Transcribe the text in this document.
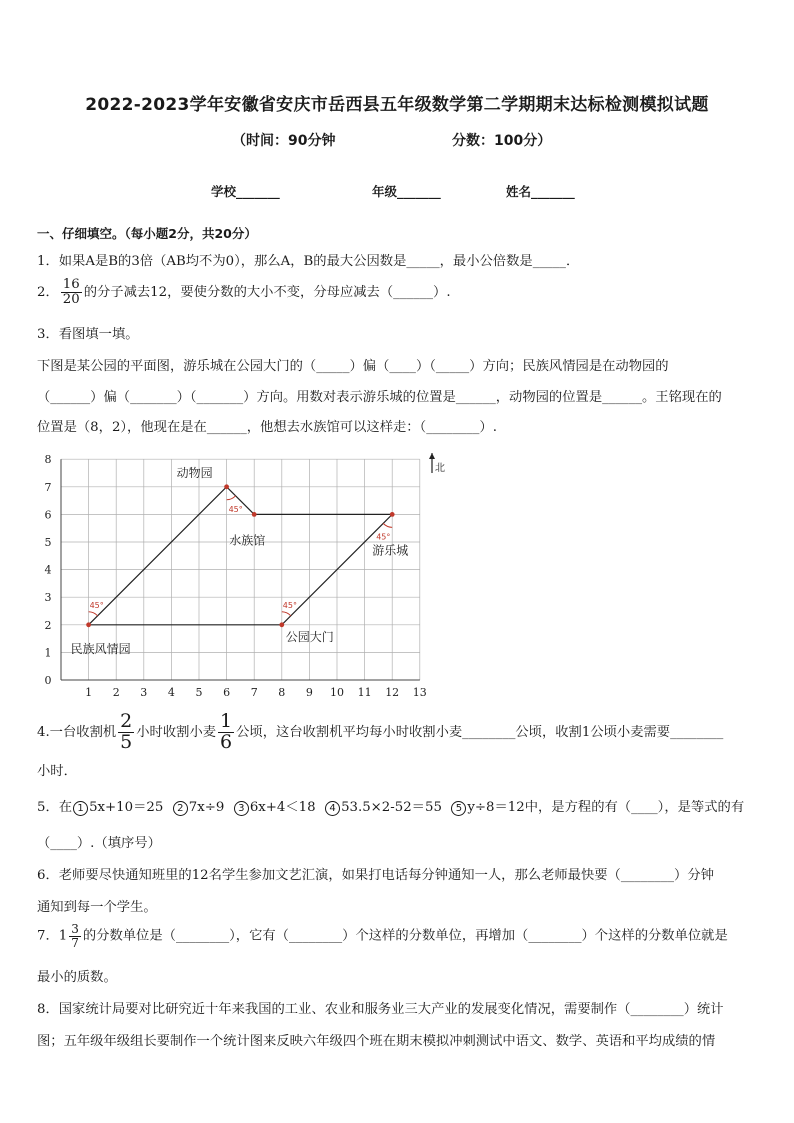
2022-2023学年安徽省安庆市岳西县五年级数学第二学期期末达标检测模拟试题
（时间：90分钟	分数：100分）
学校_______	年级_______	姓名_______
一、仔细填空。（每小题2分，共20分）
1．如果A是B的3倍（AB均不为0），那么A，B的最大公因数是_____，最小公倍数是_____．
2． $\frac{16}{20}$ 的分子减去12，要使分数的大小不变，分母应减去（______）.
3．看图填一填。
下图是某公园的平面图，游乐城在公园大门的（_____）偏（____）（_____）方向；民族风情园是在动物园的
（______）偏（_______）（_______）方向。用数对表示游乐城的位置是______，动物园的位置是______。王铭现在的
位置是（8，2），他现在是在______，他想去水族馆可以这样走：（________）.
1 2 3 4 5 6 7 8 9 10 11 12 13
0
1
2
3
4
5
6
7
8
45°
45°
45°
45°
民族风情园
动物园
水族馆
游乐城
公园大门
北
4.一台收割机 $\frac{2}{5}$ 小时收割小麦 $\frac{1}{6}$ 公顷，这台收割机平均每小时收割小麦________公顷，收割1公顷小麦需要________
小时．
5．在 1 5x+10＝25 2 7x÷9 3 6x+4＜18 4 53.5×2-52＝55 5 y÷8＝12中，是方程的有（____），是等式的有
（____）.（填序号）
6．老师要尽快通知班里的12名学生参加文艺汇演，如果打电话每分钟通知一人，那么老师最快要（________）分钟
通知到每一个学生。
7．$1 \frac{3}{7}$ 的分数单位是（________），它有（________）个这样的分数单位，再增加（________）个这样的分数单位就是
最小的质数。
8．国家统计局要对比研究近十年来我国的工业、农业和服务业三大产业的发展变化情况，需要制作（________）统计
图；五年级年级组长要制作一个统计图来反映六年级四个班在期末模拟冲刺测试中语文、数学、英语和平均成绩的情
